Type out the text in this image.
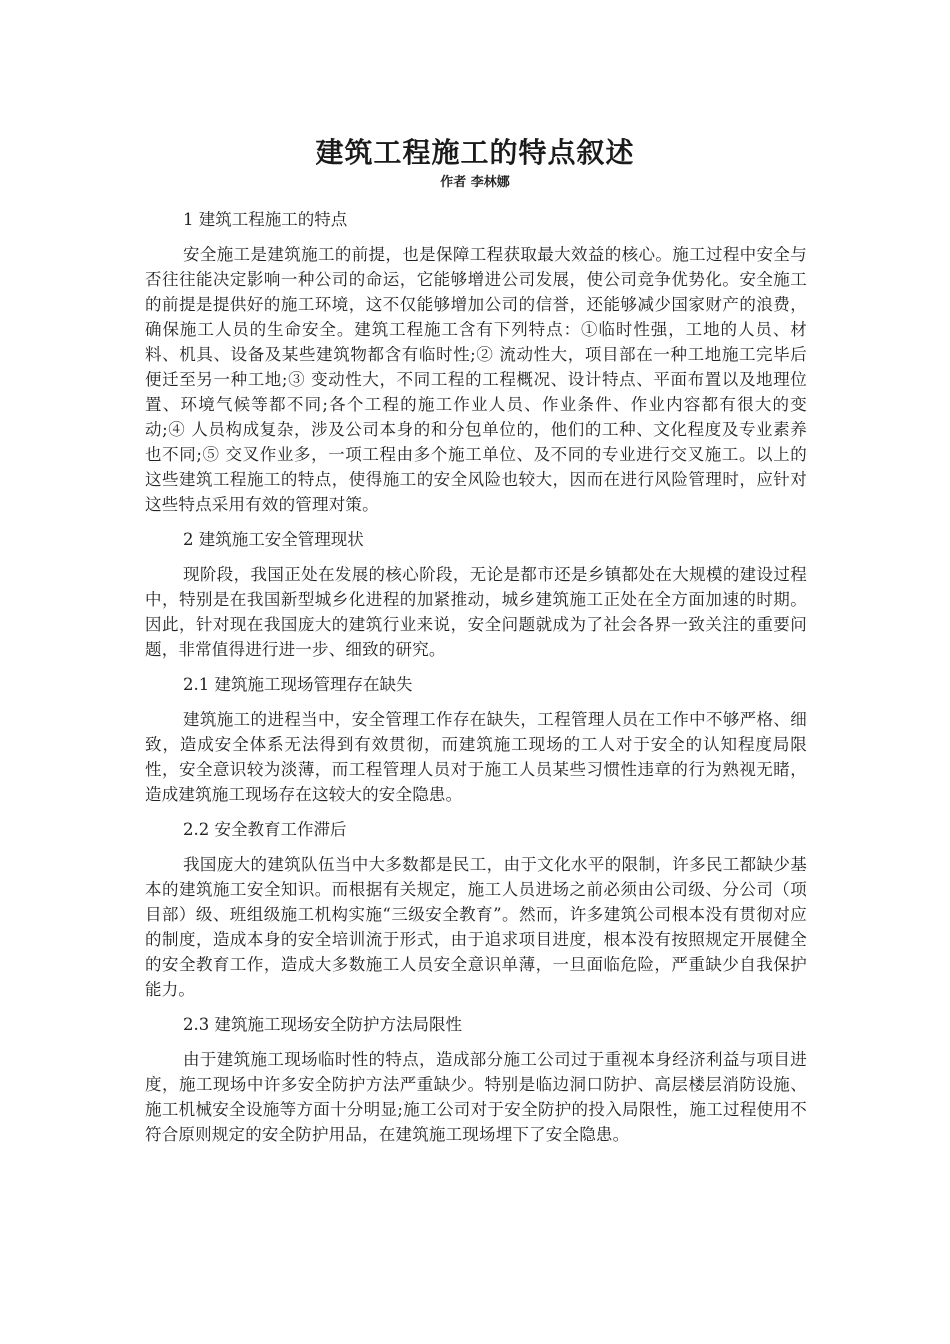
建筑工程施工的特点叙述
作者 李林娜

1 建筑工程施工的特点

安全施工是建筑施工的前提，也是保障工程获取最大效益的核心。施工过程中安全与否往往能决定影响一种公司的命运，它能够增进公司发展，使公司竞争优势化。安全施工的前提是提供好的施工环境，这不仅能够增加公司的信誉，还能够减少国家财产的浪费，确保施工人员的生命安全。建筑工程施工含有下列特点：①临时性强，工地的人员、材料、机具、设备及某些建筑物都含有临时性;② 流动性大，项目部在一种工地施工完毕后便迁至另一种工地;③ 变动性大，不同工程的工程概况、设计特点、平面布置以及地理位置、环境气候等都不同;各个工程的施工作业人员、作业条件、作业内容都有很大的变动;④ 人员构成复杂，涉及公司本身的和分包单位的，他们的工种、文化程度及专业素养也不同;⑤ 交叉作业多，一项工程由多个施工单位、及不同的专业进行交叉施工。以上的这些建筑工程施工的特点，使得施工的安全风险也较大，因而在进行风险管理时，应针对这些特点采用有效的管理对策。

2 建筑施工安全管理现状

现阶段，我国正处在发展的核心阶段，无论是都市还是乡镇都处在大规模的建设过程中，特别是在我国新型城乡化进程的加紧推动，城乡建筑施工正处在全方面加速的时期。因此，针对现在我国庞大的建筑行业来说，安全问题就成为了社会各界一致关注的重要问题，非常值得进行进一步、细致的研究。

2.1 建筑施工现场管理存在缺失

建筑施工的进程当中，安全管理工作存在缺失，工程管理人员在工作中不够严格、细致，造成安全体系无法得到有效贯彻，而建筑施工现场的工人对于安全的认知程度局限性，安全意识较为淡薄，而工程管理人员对于施工人员某些习惯性违章的行为熟视无睹，造成建筑施工现场存在这较大的安全隐患。

2.2 安全教育工作滞后

我国庞大的建筑队伍当中大多数都是民工，由于文化水平的限制，许多民工都缺少基本的建筑施工安全知识。而根据有关规定，施工人员进场之前必须由公司级、分公司（项目部）级、班组级施工机构实施“三级安全教育”。然而，许多建筑公司根本没有贯彻对应的制度，造成本身的安全培训流于形式，由于追求项目进度，根本没有按照规定开展健全的安全教育工作，造成大多数施工人员安全意识单薄，一旦面临危险，严重缺少自我保护能力。

2.3 建筑施工现场安全防护方法局限性

由于建筑施工现场临时性的特点，造成部分施工公司过于重视本身经济利益与项目进度，施工现场中许多安全防护方法严重缺少。特别是临边洞口防护、高层楼层消防设施、施工机械安全设施等方面十分明显;施工公司对于安全防护的投入局限性，施工过程使用不符合原则规定的安全防护用品，在建筑施工现场埋下了安全隐患。
